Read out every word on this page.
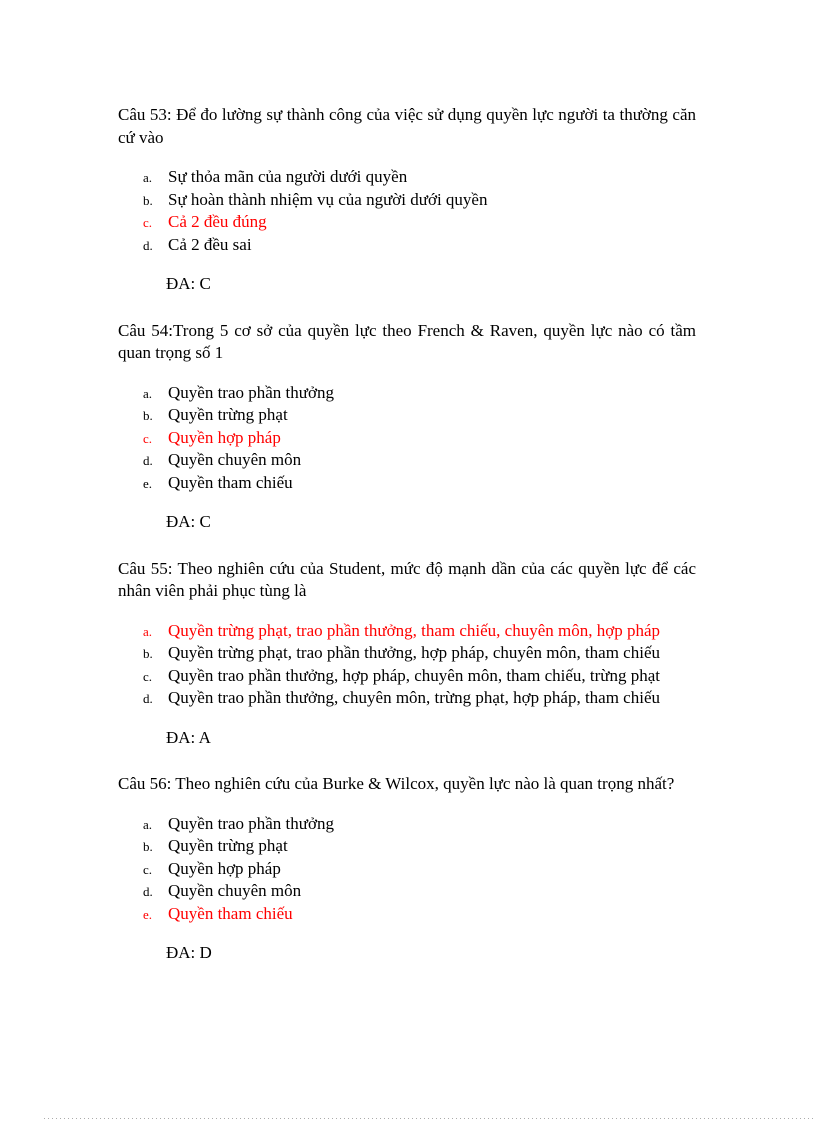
Câu 53: Để đo lường sự thành công của việc sử dụng quyền lực người ta thường căn cứ vào

a. Sự thỏa mãn của người dưới quyền
b. Sự hoàn thành nhiệm vụ của người dưới quyền
c. Cả 2 đều đúng
d. Cả 2 đều sai

ĐA: C

Câu 54:Trong 5 cơ sở của quyền lực theo French & Raven, quyền lực nào có tầm quan trọng số 1

a. Quyền trao phần thưởng
b. Quyền trừng phạt
c. Quyền hợp pháp
d. Quyền chuyên môn
e. Quyền tham chiếu

ĐA: C

Câu 55: Theo nghiên cứu của Student, mức độ mạnh dần của các quyền lực để các nhân viên phải phục tùng là

a. Quyền trừng phạt, trao phần thưởng, tham chiếu, chuyên môn, hợp pháp
b. Quyền trừng phạt, trao phần thưởng, hợp pháp, chuyên môn, tham chiếu
c. Quyền trao phần thưởng, hợp pháp, chuyên môn, tham chiếu, trừng phạt
d. Quyền trao phần thưởng, chuyên môn, trừng phạt, hợp pháp, tham chiếu

ĐA: A

Câu 56: Theo nghiên cứu của Burke & Wilcox, quyền lực nào là quan trọng nhất?

a. Quyền trao phần thưởng
b. Quyền trừng phạt
c. Quyền hợp pháp
d. Quyền chuyên môn
e. Quyền tham chiếu

ĐA: D
